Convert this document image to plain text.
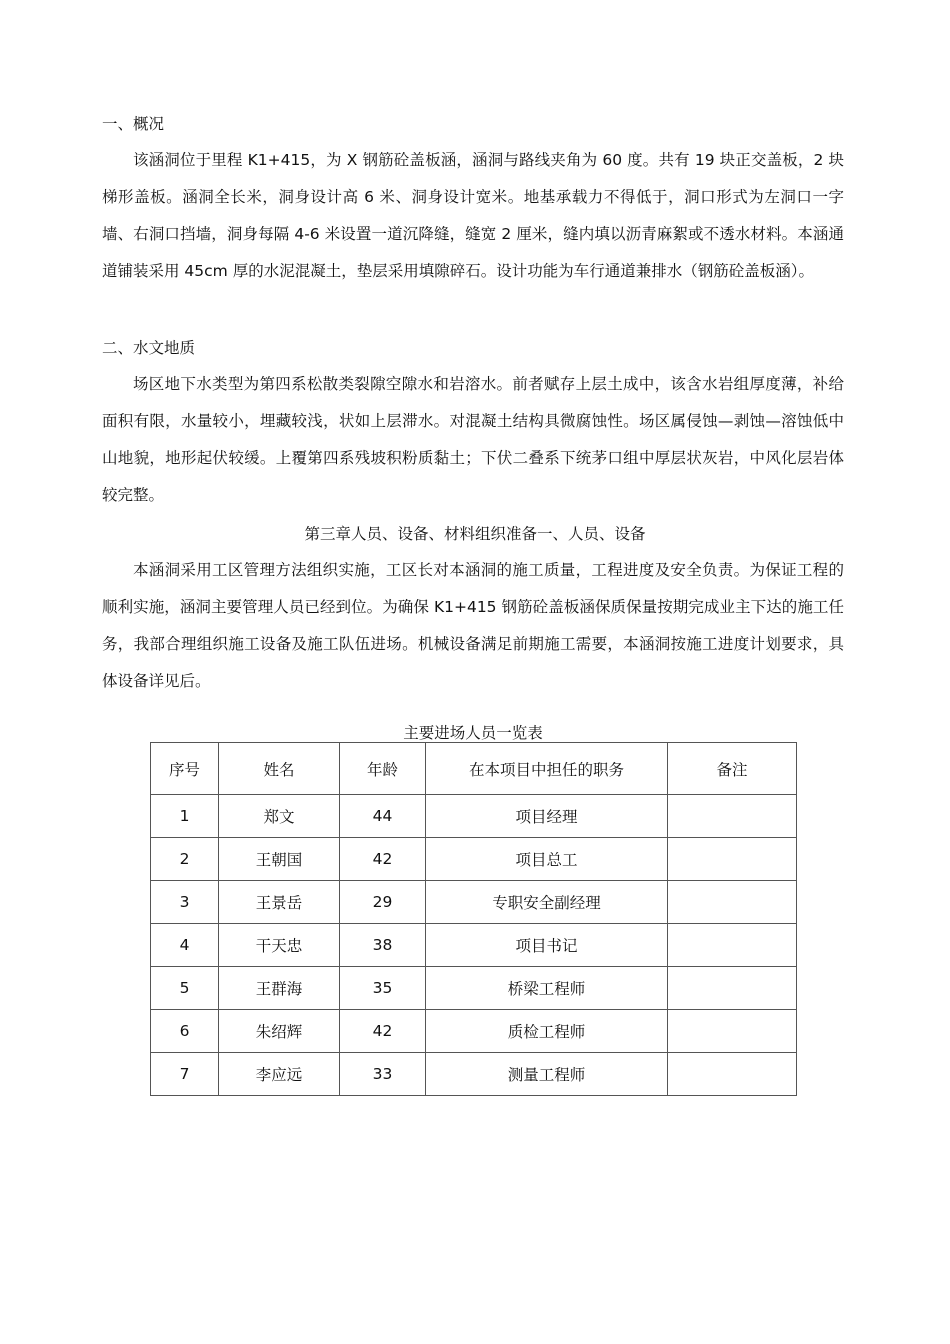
一、概况

该涵洞位于里程 K1+415，为 X 钢筋砼盖板涵，涵洞与路线夹角为 60 度。共有 19 块正交盖板，2 块梯形盖板。涵洞全长米，洞身设计高 6 米、洞身设计宽米。地基承载力不得低于，洞口形式为左洞口一字墙、右洞口挡墙，洞身每隔 4-6 米设置一道沉降缝，缝宽 2 厘米，缝内填以沥青麻絮或不透水材料。本涵通道铺装采用 45cm 厚的水泥混凝土，垫层采用填隙碎石。设计功能为车行通道兼排水（钢筋砼盖板涵）。

二、水文地质

场区地下水类型为第四系松散类裂隙空隙水和岩溶水。前者赋存上层土成中，该含水岩组厚度薄，补给面积有限，水量较小，埋藏较浅，状如上层滞水。对混凝土结构具微腐蚀性。场区属侵蚀—剥蚀—溶蚀低中山地貌，地形起伏较缓。上覆第四系残坡积粉质黏土；下伏二叠系下统茅口组中厚层状灰岩，中风化层岩体较完整。

第三章人员、设备、材料组织准备一、人员、设备

本涵洞采用工区管理方法组织实施，工区长对本涵洞的施工质量，工程进度及安全负责。为保证工程的顺利实施，涵洞主要管理人员已经到位。为确保 K1+415 钢筋砼盖板涵保质保量按期完成业主下达的施工任务，我部合理组织施工设备及施工队伍进场。机械设备满足前期施工需要，本涵洞按施工进度计划要求，具体设备详见后。

主要进场人员一览表
序号	姓名	年龄	在本项目中担任的职务	备注
1	郑文	44	项目经理	
2	王朝国	42	项目总工	
3	王景岳	29	专职安全副经理	
4	干天忠	38	项目书记	
5	王群海	35	桥梁工程师	
6	朱绍辉	42	质检工程师	
7	李应远	33	测量工程师	
